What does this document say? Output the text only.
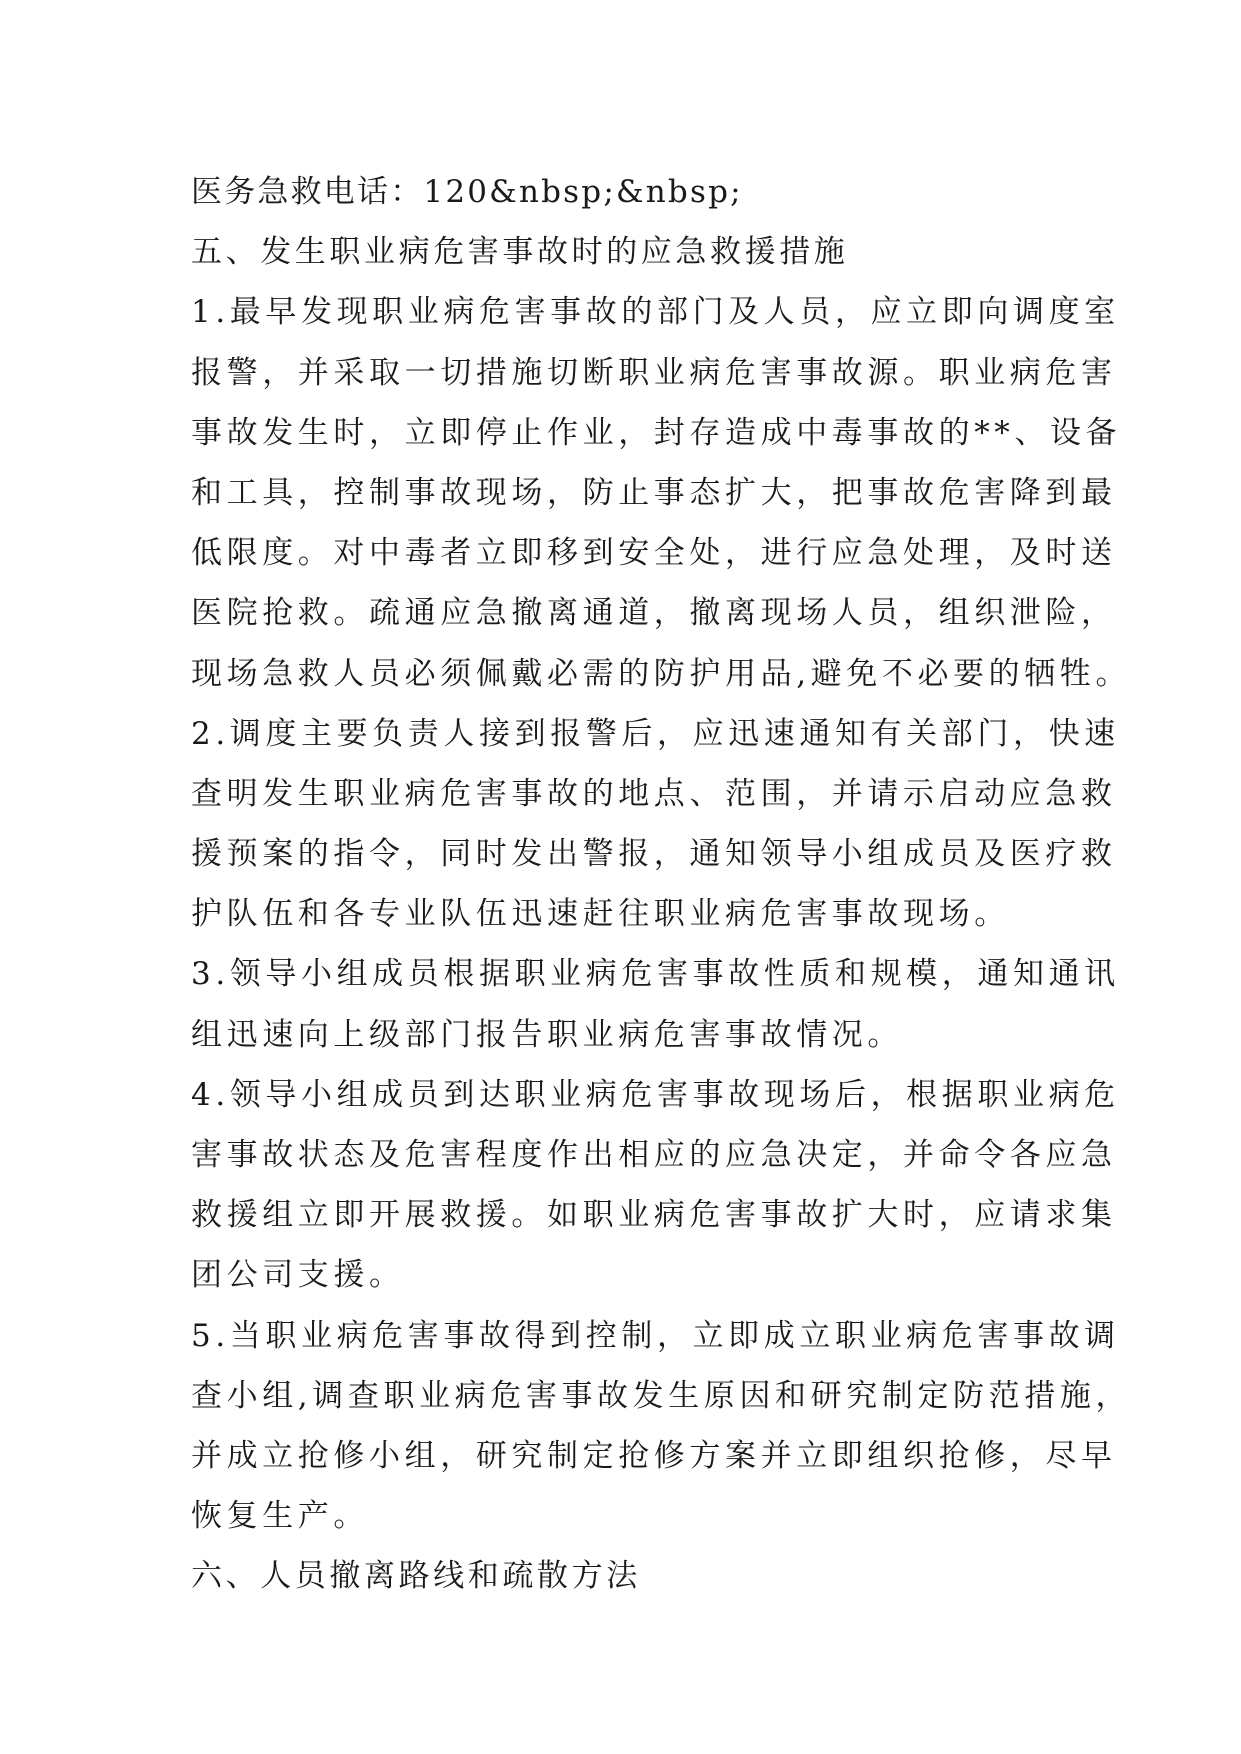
医务急救电话：120&nbsp;&nbsp;
五、发生职业病危害事故时的应急救援措施
1.最早发现职业病危害事故的部门及人员，应立即向调度室
报警，并采取一切措施切断职业病危害事故源。职业病危害
事故发生时，立即停止作业，封存造成中毒事故的**、设备
和工具，控制事故现场，防止事态扩大，把事故危害降到最
低限度。对中毒者立即移到安全处，进行应急处理，及时送
医院抢救。疏通应急撤离通道，撤离现场人员，组织泄险，
现场急救人员必须佩戴必需的防护用品,避免不必要的牺牲。
2.调度主要负责人接到报警后，应迅速通知有关部门，快速
查明发生职业病危害事故的地点、范围，并请示启动应急救
援预案的指令，同时发出警报，通知领导小组成员及医疗救
护队伍和各专业队伍迅速赶往职业病危害事故现场。
3.领导小组成员根据职业病危害事故性质和规模，通知通讯
组迅速向上级部门报告职业病危害事故情况。
4.领导小组成员到达职业病危害事故现场后，根据职业病危
害事故状态及危害程度作出相应的应急决定，并命令各应急
救援组立即开展救援。如职业病危害事故扩大时，应请求集
团公司支援。
5.当职业病危害事故得到控制，立即成立职业病危害事故调
查小组,调查职业病危害事故发生原因和研究制定防范措施，
并成立抢修小组，研究制定抢修方案并立即组织抢修，尽早
恢复生产。
六、人员撤离路线和疏散方法
